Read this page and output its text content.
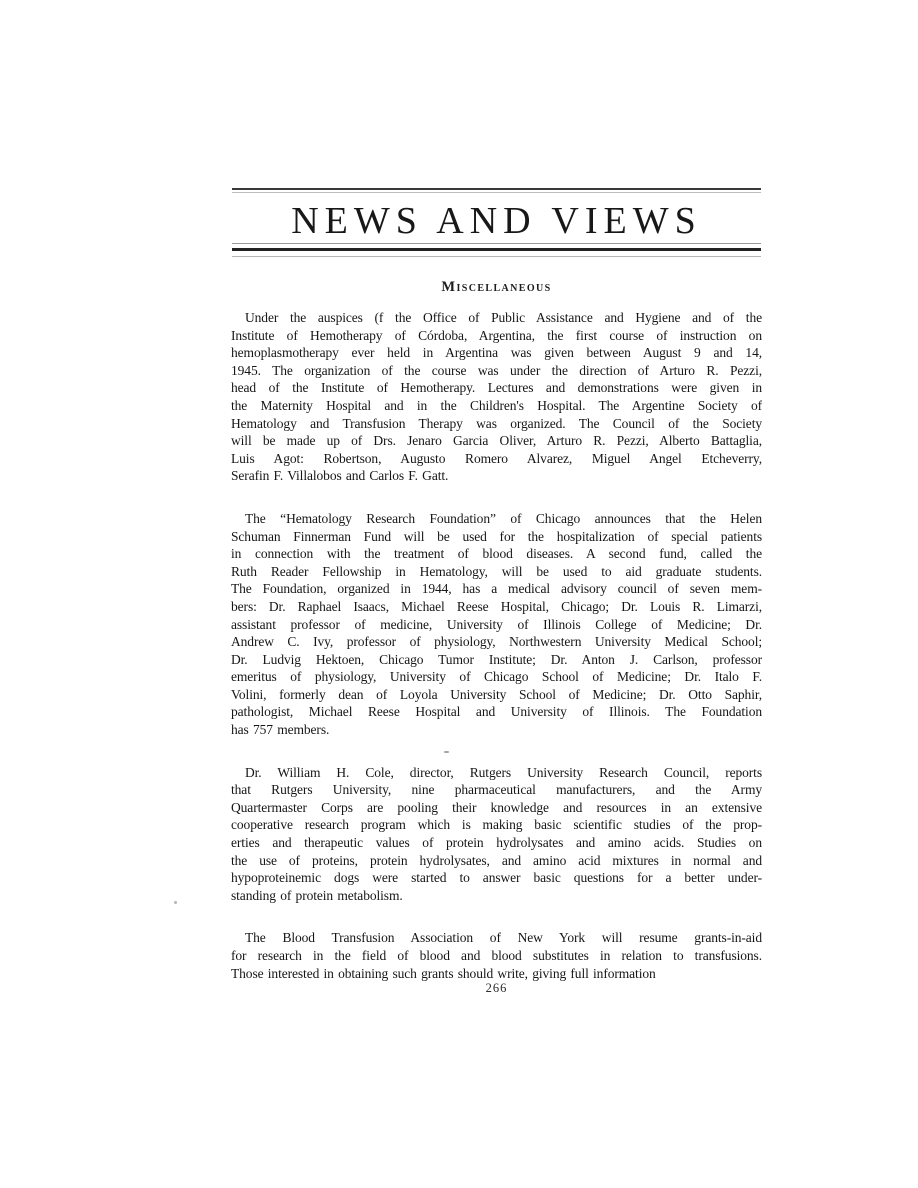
NEWS AND VIEWS
Miscellaneous
Under the auspices (f the Office of Public Assistance and Hygiene and of the
Institute of Hemotherapy of Córdoba, Argentina, the first course of instruction on
hemoplasmotherapy ever held in Argentina was given between August 9 and 14,
1945. The organization of the course was under the direction of Arturo R. Pezzi,
head of the Institute of Hemotherapy. Lectures and demonstrations were given in
the Maternity Hospital and in the Children's Hospital. The Argentine Society of
Hematology and Transfusion Therapy was organized. The Council of the Society
will be made up of Drs. Jenaro Garcia Oliver, Arturo R. Pezzi, Alberto Battaglia,
Luis Agot: Robertson, Augusto Romero Alvarez, Miguel Angel Etcheverry,
Serafin F. Villalobos and Carlos F. Gatt.
The “Hematology Research Foundation” of Chicago announces that the Helen
Schuman Finnerman Fund will be used for the hospitalization of special patients
in connection with the treatment of blood diseases. A second fund, called the
Ruth Reader Fellowship in Hematology, will be used to aid graduate students.
The Foundation, organized in 1944, has a medical advisory council of seven mem-
bers: Dr. Raphael Isaacs, Michael Reese Hospital, Chicago; Dr. Louis R. Limarzi,
assistant professor of medicine, University of Illinois College of Medicine; Dr.
Andrew C. Ivy, professor of physiology, Northwestern University Medical School;
Dr. Ludvig Hektoen, Chicago Tumor Institute; Dr. Anton J. Carlson, professor
emeritus of physiology, University of Chicago School of Medicine; Dr. Italo F.
Volini, formerly dean of Loyola University School of Medicine; Dr. Otto Saphir,
pathologist, Michael Reese Hospital and University of Illinois. The Foundation
has 757 members.
Dr. William H. Cole, director, Rutgers University Research Council, reports
that Rutgers University, nine pharmaceutical manufacturers, and the Army
Quartermaster Corps are pooling their knowledge and resources in an extensive
cooperative research program which is making basic scientific studies of the prop-
erties and therapeutic values of protein hydrolysates and amino acids. Studies on
the use of proteins, protein hydrolysates, and amino acid mixtures in normal and
hypoproteinemic dogs were started to answer basic questions for a better under-
standing of protein metabolism.
The Blood Transfusion Association of New York will resume grants-in-aid
for research in the field of blood and blood substitutes in relation to transfusions.
Those interested in obtaining such grants should write, giving full information
266
